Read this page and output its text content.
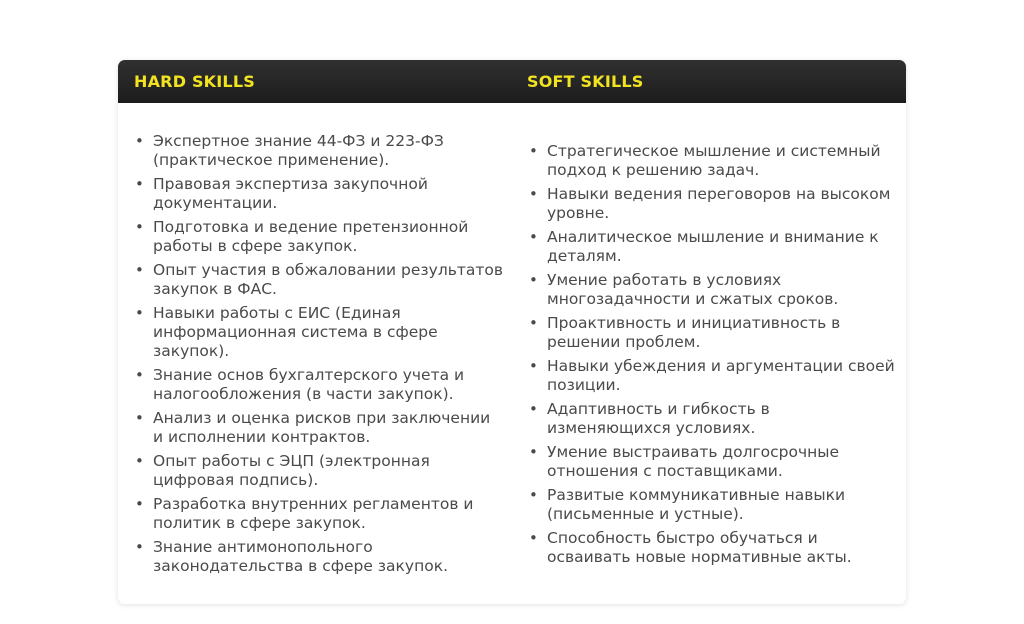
HARD SKILLS	SOFT SKILLS
• Экспертное знание 44-ФЗ и 223-ФЗ (практическое применение).
• Правовая экспертиза закупочной документации.
• Подготовка и ведение претензионной работы в сфере закупок.
• Опыт участия в обжаловании результатов закупок в ФАС.
• Навыки работы с ЕИС (Единая информационная система в сфере закупок).
• Знание основ бухгалтерского учета и налогообложения (в части закупок).
• Анализ и оценка рисков при заключении и исполнении контрактов.
• Опыт работы с ЭЦП (электронная цифровая подпись).
• Разработка внутренних регламентов и политик в сфере закупок.
• Знание антимонопольного законодательства в сфере закупок.
• Стратегическое мышление и системный подход к решению задач.
• Навыки ведения переговоров на высоком уровне.
• Аналитическое мышление и внимание к деталям.
• Умение работать в условиях многозадачности и сжатых сроков.
• Проактивность и инициативность в решении проблем.
• Навыки убеждения и аргументации своей позиции.
• Адаптивность и гибкость в изменяющихся условиях.
• Умение выстраивать долгосрочные отношения с поставщиками.
• Развитые коммуникативные навыки (письменные и устные).
• Способность быстро обучаться и осваивать новые нормативные акты.
